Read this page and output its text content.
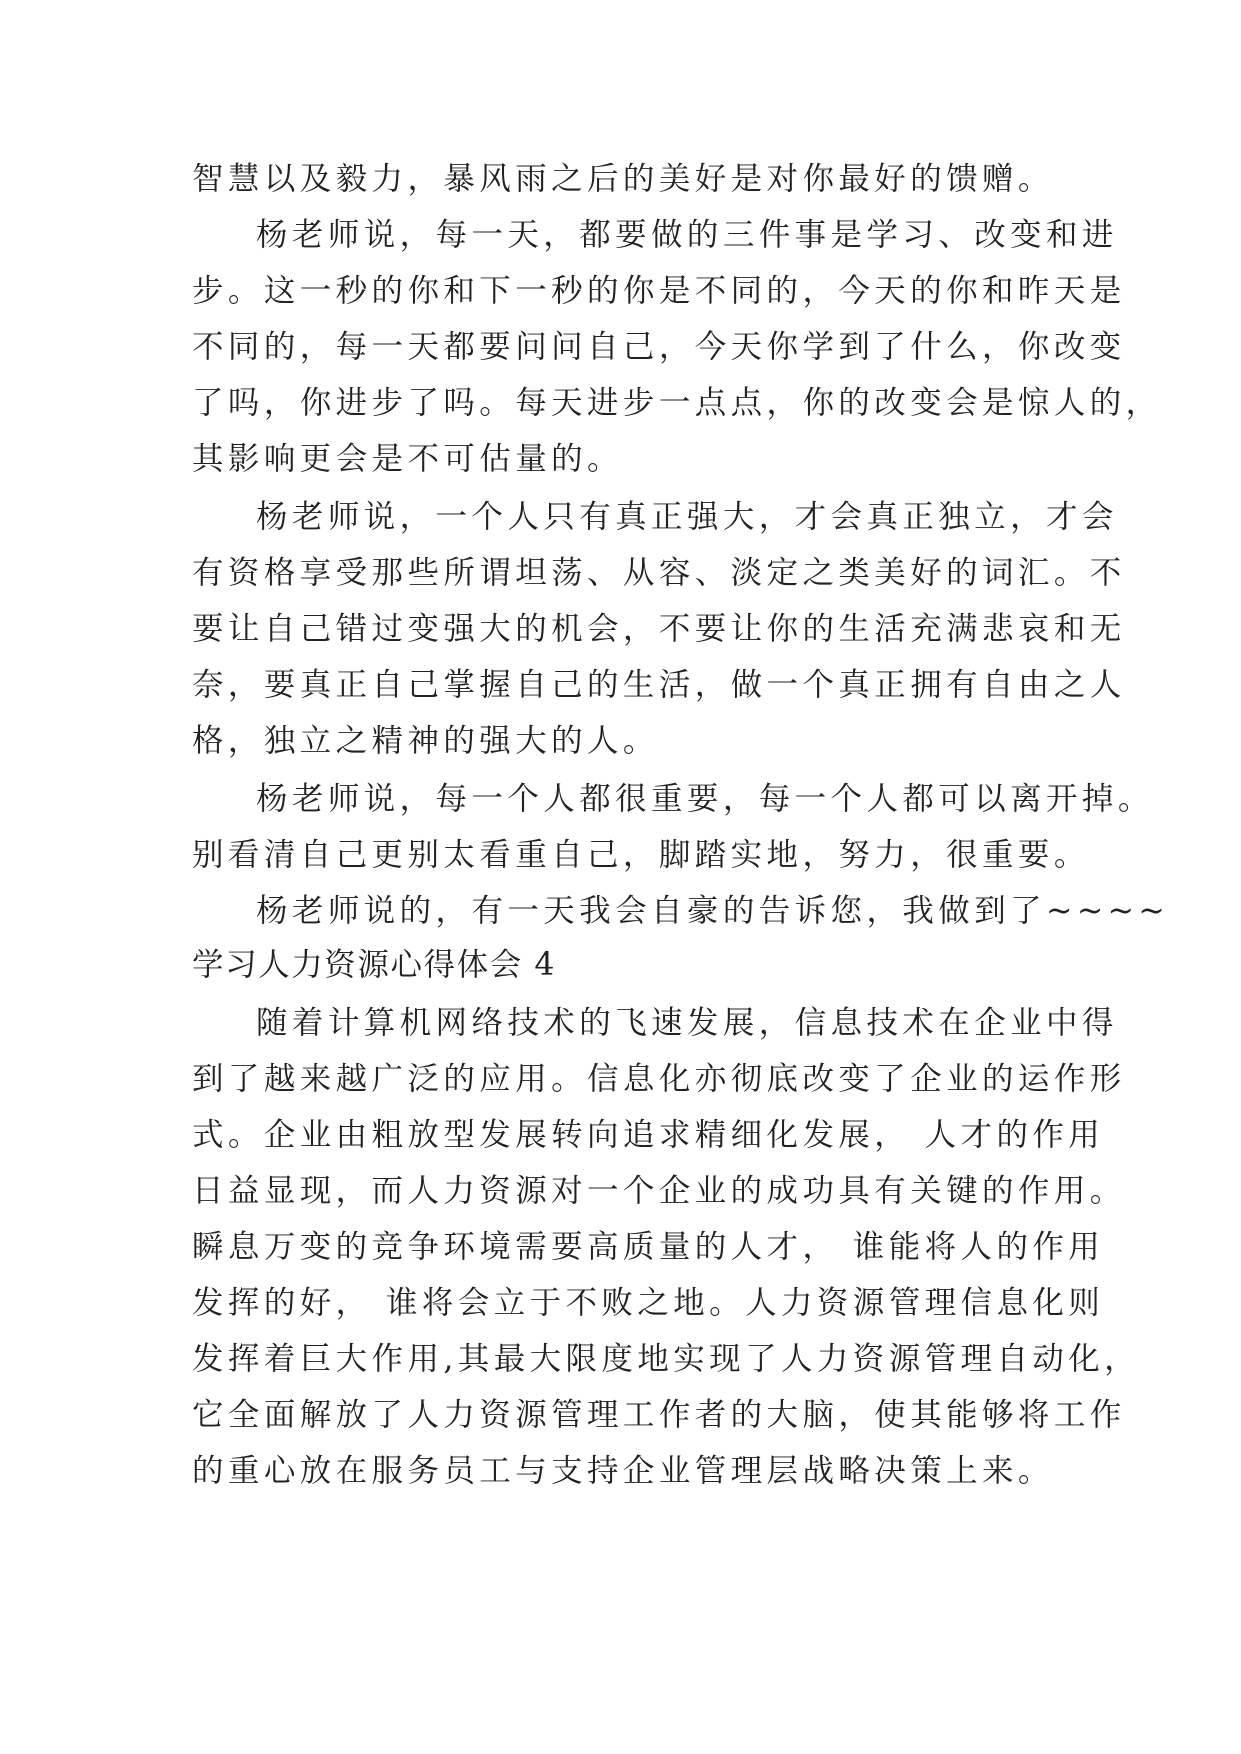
智慧以及毅力，暴风雨之后的美好是对你最好的馈赠。
杨老师说，每一天，都要做的三件事是学习、改变和进
步。这一秒的你和下一秒的你是不同的，今天的你和昨天是
不同的，每一天都要问问自己，今天你学到了什么，你改变
了吗，你进步了吗。每天进步一点点，你的改变会是惊人的，
其影响更会是不可估量的。
杨老师说，一个人只有真正强大，才会真正独立，才会
有资格享受那些所谓坦荡、从容、淡定之类美好的词汇。不
要让自己错过变强大的机会，不要让你的生活充满悲哀和无
奈，要真正自己掌握自己的生活，做一个真正拥有自由之人
格，独立之精神的强大的人。
杨老师说，每一个人都很重要，每一个人都可以离开掉。
别看清自己更别太看重自己，脚踏实地，努力，很重要。
杨老师说的，有一天我会自豪的告诉您，我做到了~~~~
学习人力资源心得体会 4
随着计算机网络技术的飞速发展，信息技术在企业中得
到了越来越广泛的应用。信息化亦彻底改变了企业的运作形
式。企业由粗放型发展转向追求精细化发展， 人才的作用
日益显现，而人力资源对一个企业的成功具有关键的作用。
瞬息万变的竞争环境需要高质量的人才， 谁能将人的作用
发挥的好， 谁将会立于不败之地。人力资源管理信息化则
发挥着巨大作用,其最大限度地实现了人力资源管理自动化，
它全面解放了人力资源管理工作者的大脑，使其能够将工作
的重心放在服务员工与支持企业管理层战略决策上来。
